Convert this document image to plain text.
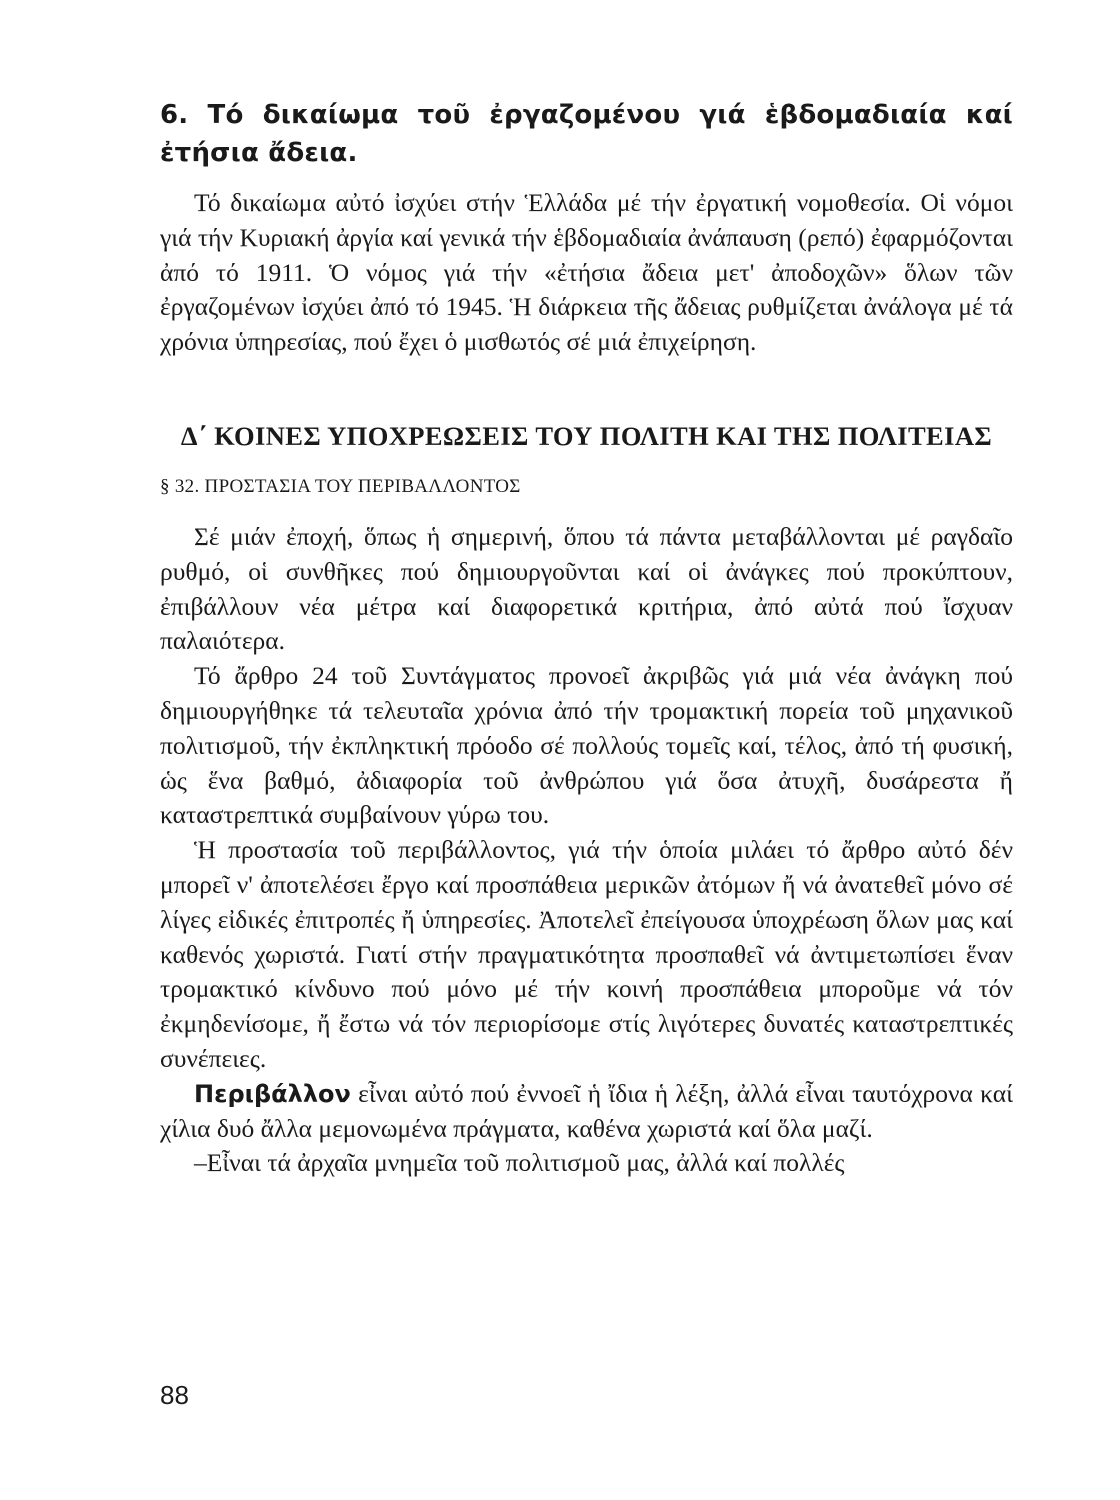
6. Τό δικαίωμα τοῦ ἐργαζομένου γιά ἑβδομαδιαία καί ἐτήσια ἄδεια.

Τό δικαίωμα αὐτό ἰσχύει στήν Ἑλλάδα μέ τήν ἐργατική νομοθεσία. Οἱ νόμοι γιά τήν Κυριακή ἀργία καί γενικά τήν ἑβδομαδιαία ἀνάπαυση (ρεπό) ἐφαρμόζονται ἀπό τό 1911. Ὁ νόμος γιά τήν «ἐτήσια ἄδεια μετ' ἀποδοχῶν» ὅλων τῶν ἐργαζομένων ἰσχύει ἀπό τό 1945. Ἡ διάρκεια τῆς ἄδειας ρυθμίζεται ἀνάλογα μέ τά χρόνια ὑπηρεσίας, πού ἔχει ὁ μισθωτός σέ μιά ἐπιχείρηση.

Δ΄ ΚΟΙΝΕΣ ΥΠΟΧΡΕΩΣΕΙΣ ΤΟΥ ΠΟΛΙΤΗ ΚΑΙ ΤΗΣ ΠΟΛΙΤΕΙΑΣ
§ 32. ΠΡΟΣΤΑΣΙΑ ΤΟΥ ΠΕΡΙΒΑΛΛΟΝΤΟΣ

Σέ μιάν ἐποχή, ὅπως ἡ σημερινή, ὅπου τά πάντα μεταβάλλονται μέ ραγδαῖο ρυθμό, οἱ συνθῆκες πού δημιουργοῦνται καί οἱ ἀνάγκες πού προκύπτουν, ἐπιβάλλουν νέα μέτρα καί διαφορετικά κριτήρια, ἀπό αὐτά πού ἴσχυαν παλαιότερα.

Τό ἄρθρο 24 τοῦ Συντάγματος προνοεῖ ἀκριβῶς γιά μιά νέα ἀνάγκη πού δημιουργήθηκε τά τελευταῖα χρόνια ἀπό τήν τρομακτική πορεία τοῦ μηχανικοῦ πολιτισμοῦ, τήν ἐκπληκτική πρόοδο σέ πολλούς τομεῖς καί, τέλος, ἀπό τή φυσική, ὡς ἕνα βαθμό, ἀδιαφορία τοῦ ἀνθρώπου γιά ὅσα ἀτυχῆ, δυσάρεστα ἤ καταστρεπτικά συμβαίνουν γύρω του.

Ἡ προστασία τοῦ περιβάλλοντος, γιά τήν ὁποία μιλάει τό ἄρθρο αὐτό δέν μπορεῖ ν' ἀποτελέσει ἔργο καί προσπάθεια μερικῶν ἀτόμων ἤ νά ἀνατεθεῖ μόνο σέ λίγες εἰδικές ἐπιτροπές ἤ ὑπηρεσίες. Ἀποτελεῖ ἐπείγουσα ὑποχρέωση ὅλων μας καί καθενός χωριστά. Γιατί στήν πραγματικότητα προσπαθεῖ νά ἀντιμετωπίσει ἕναν τρομακτικό κίνδυνο πού μόνο μέ τήν κοινή προσπάθεια μποροῦμε νά τόν ἐκμηδενίσομε, ἤ ἔστω νά τόν περιορίσομε στίς λιγότερες δυνατές καταστρεπτικές συνέπειες.

Περιβάλλον εἶναι αὐτό πού ἐννοεῖ ἡ ἴδια ἡ λέξη, ἀλλά εἶναι ταυτόχρονα καί χίλια δυό ἄλλα μεμονωμένα πράγματα, καθένα χωριστά καί ὅλα μαζί.

–Εἶναι τά ἀρχαῖα μνημεῖα τοῦ πολιτισμοῦ μας, ἀλλά καί πολλές

88
